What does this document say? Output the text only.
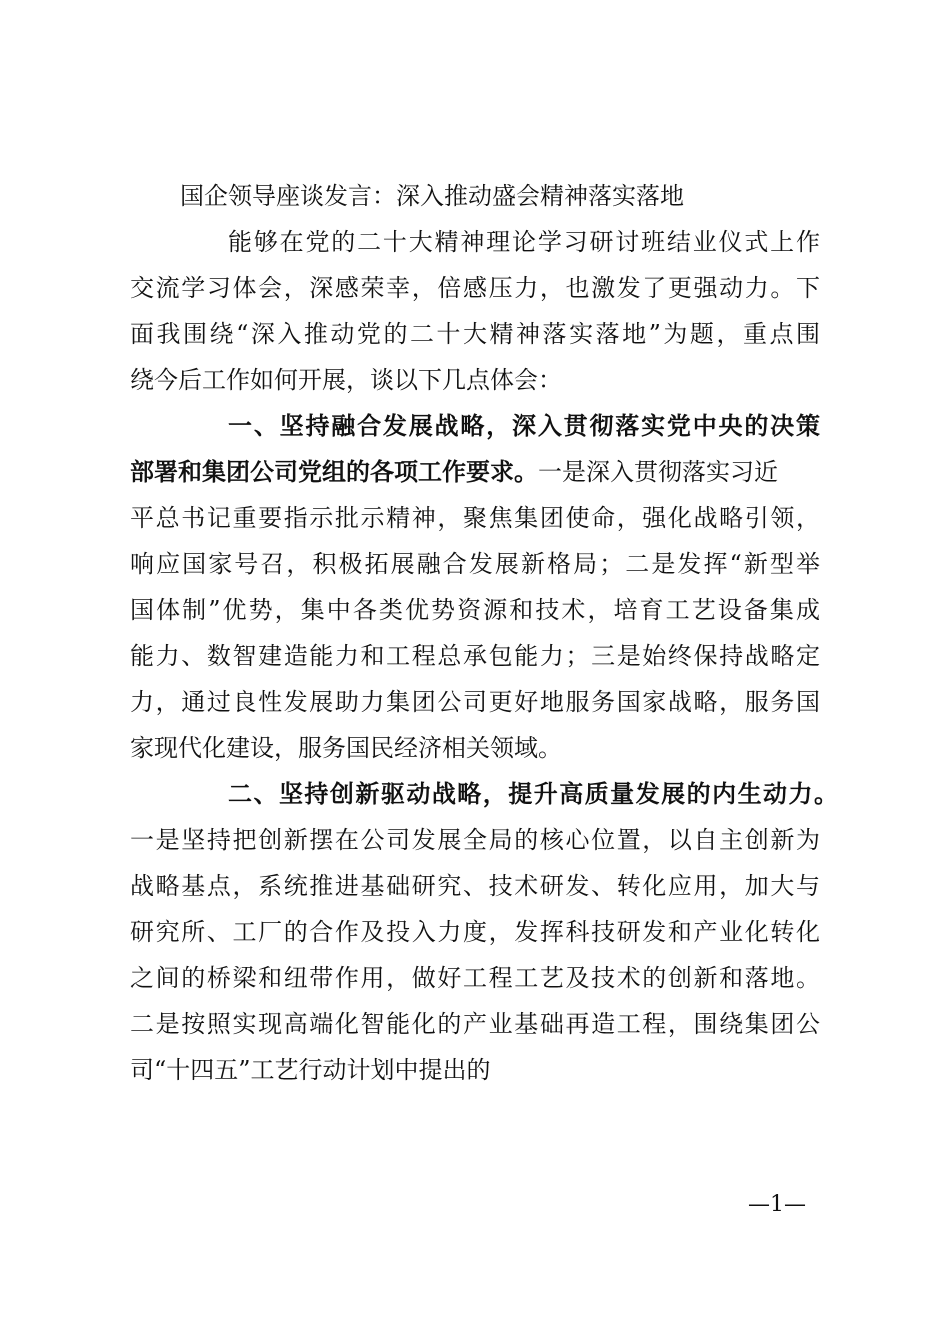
国企领导座谈发言：深入推动盛会精神落实落地
能够在党的二十大精神理论学习研讨班结业仪式上作
交流学习体会，深感荣幸，倍感压力，也激发了更强动力。下
面我围绕“深入推动党的二十大精神落实落地”为题，重点围
绕今后工作如何开展，谈以下几点体会：
一、坚持融合发展战略，深入贯彻落实党中央的决策
部署和集团公司党组的各项工作要求。一是深入贯彻落实习近
平总书记重要指示批示精神，聚焦集团使命，强化战略引领，
响应国家号召，积极拓展融合发展新格局；二是发挥“新型举
国体制”优势，集中各类优势资源和技术，培育工艺设备集成
能力、数智建造能力和工程总承包能力；三是始终保持战略定
力，通过良性发展助力集团公司更好地服务国家战略，服务国
家现代化建设，服务国民经济相关领域。
二、坚持创新驱动战略，提升高质量发展的内生动力。
一是坚持把创新摆在公司发展全局的核心位置，以自主创新为
战略基点，系统推进基础研究、技术研发、转化应用，加大与
研究所、工厂的合作及投入力度，发挥科技研发和产业化转化
之间的桥梁和纽带作用，做好工程工艺及技术的创新和落地。
二是按照实现高端化智能化的产业基础再造工程，围绕集团公
司“十四五”工艺行动计划中提出的
—1—
